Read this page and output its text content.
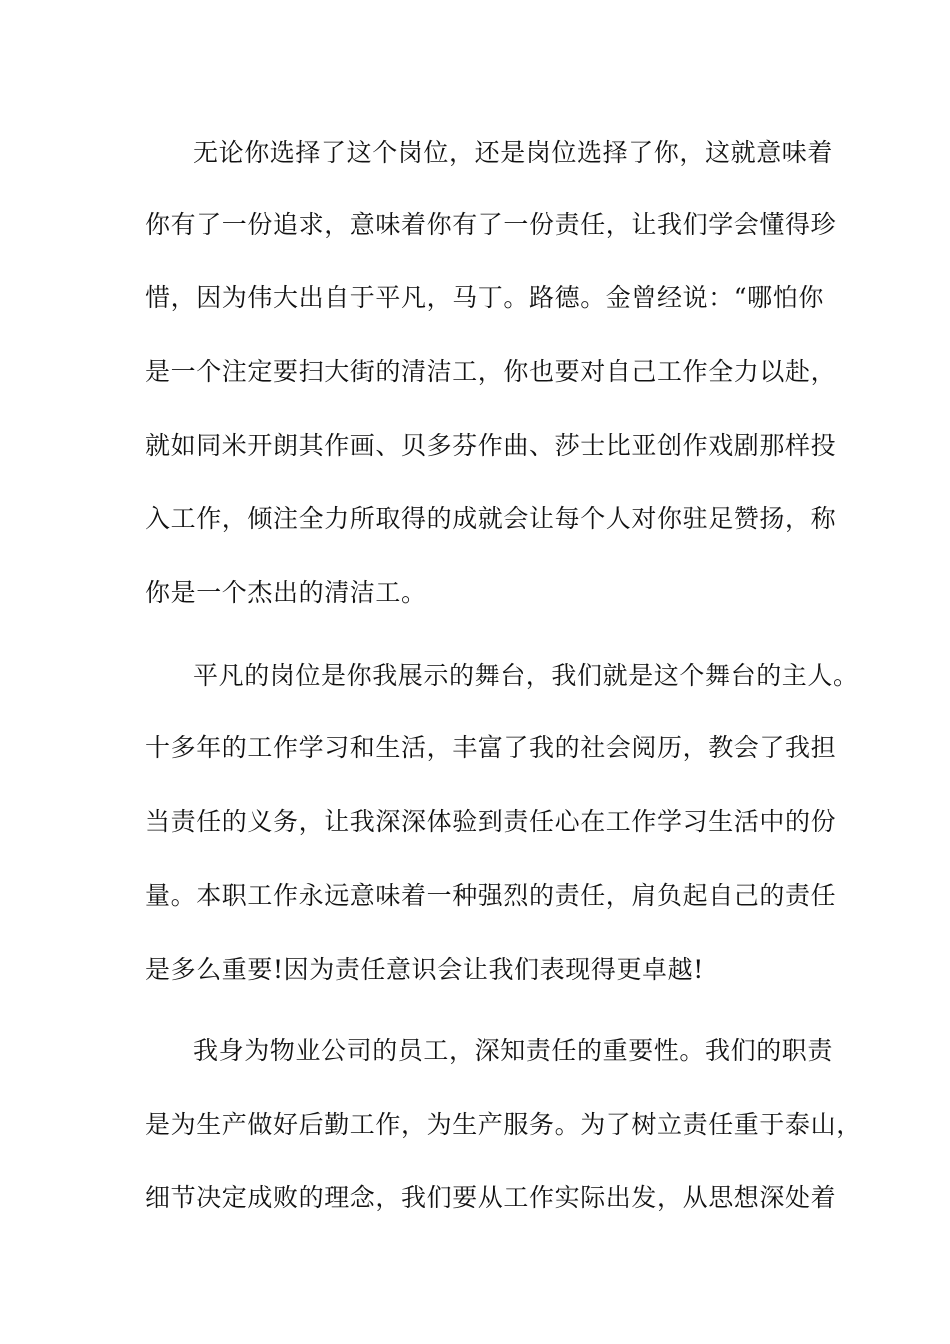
无论你选择了这个岗位，还是岗位选择了你，这就意味着
你有了一份追求，意味着你有了一份责任，让我们学会懂得珍
惜，因为伟大出自于平凡，马丁。路德。金曾经说：“哪怕你
是一个注定要扫大街的清洁工，你也要对自己工作全力以赴，
就如同米开朗其作画、贝多芬作曲、莎士比亚创作戏剧那样投
入工作，倾注全力所取得的成就会让每个人对你驻足赞扬，称
你是一个杰出的清洁工。
平凡的岗位是你我展示的舞台，我们就是这个舞台的主人。
十多年的工作学习和生活，丰富了我的社会阅历，教会了我担
当责任的义务，让我深深体验到责任心在工作学习生活中的份
量。本职工作永远意味着一种强烈的责任，肩负起自己的责任
是多么重要!因为责任意识会让我们表现得更卓越!
我身为物业公司的员工，深知责任的重要性。我们的职责
是为生产做好后勤工作，为生产服务。为了树立责任重于泰山，
细节决定成败的理念，我们要从工作实际出发，从思想深处着
